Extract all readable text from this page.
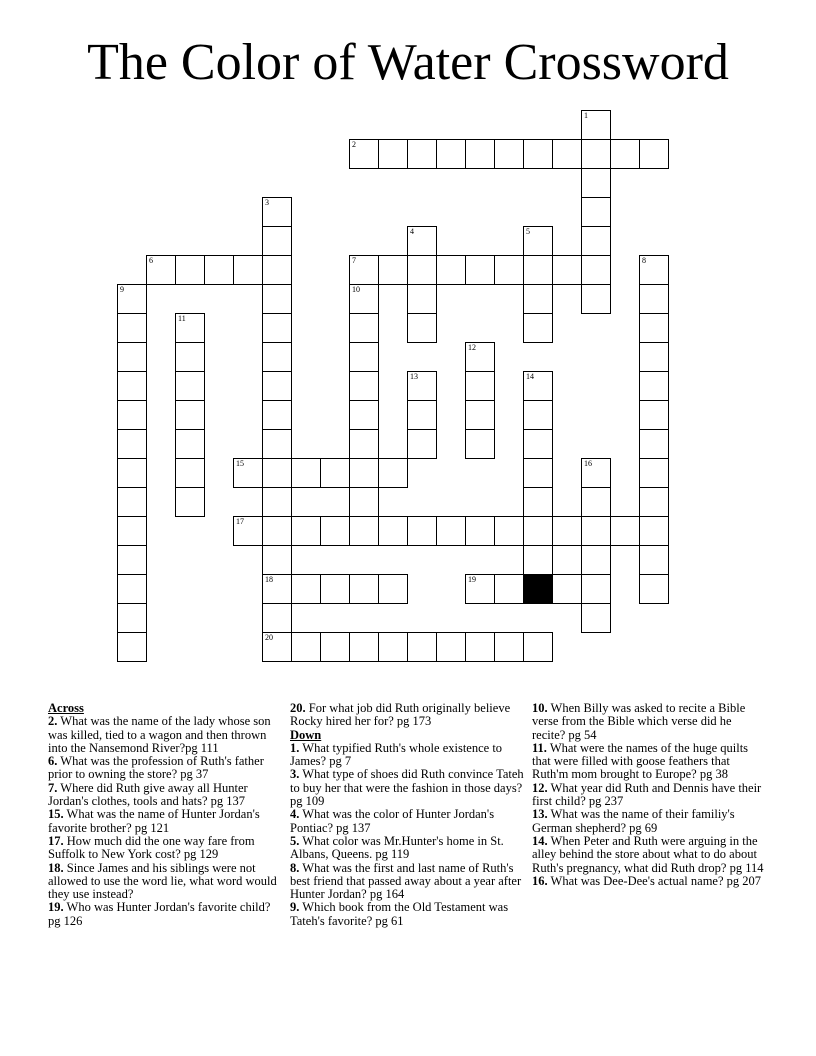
The Color of Water Crossword
1
2
3
18
4	5
6	7	8
9	10
11
12
13	14
15	16
17
19
20
Across
2. What was the name of the lady whose son was killed, tied to a wagon and then thrown into the Nansemond River?pg 111
6. What was the profession of Ruth's father prior to owning the store? pg 37
7. Where did Ruth give away all Hunter Jordan's clothes, tools and hats? pg 137
15. What was the name of Hunter Jordan's favorite brother? pg 121
17. How much did the one way fare from Suffolk to New York cost? pg 129
18. Since James and his siblings were not allowed to use the word lie, what word would they use instead?
19. Who was Hunter Jordan's favorite child? pg 126
20. For what job did Ruth originally believe Rocky hired her for? pg 173
Down
1. What typified Ruth's whole existence to James? pg 7
3. What type of shoes did Ruth convince Tateh to buy her that were the fashion in those days? pg 109
4. What was the color of Hunter Jordan's Pontiac? pg 137
5. What color was Mr.Hunter's home in St. Albans, Queens. pg 119
8. What was the first and last name of Ruth's best friend that passed away about a year after Hunter Jordan? pg 164
9. Which book from the Old Testament was Tateh's favorite? pg 61
10. When Billy was asked to recite a Bible verse from the Bible which verse did he recite? pg 54
11. What were the names of the huge quilts that were filled with goose feathers that Ruth'm mom brought to Europe? pg 38
12. What year did Ruth and Dennis have their first child? pg 237
13. What was the name of their familiy's German shepherd? pg 69
14. When Peter and Ruth were arguing in the alley behind the store about what to do about Ruth's pregnancy, what did Ruth drop? pg 114
16. What was Dee-Dee's actual name? pg 207
